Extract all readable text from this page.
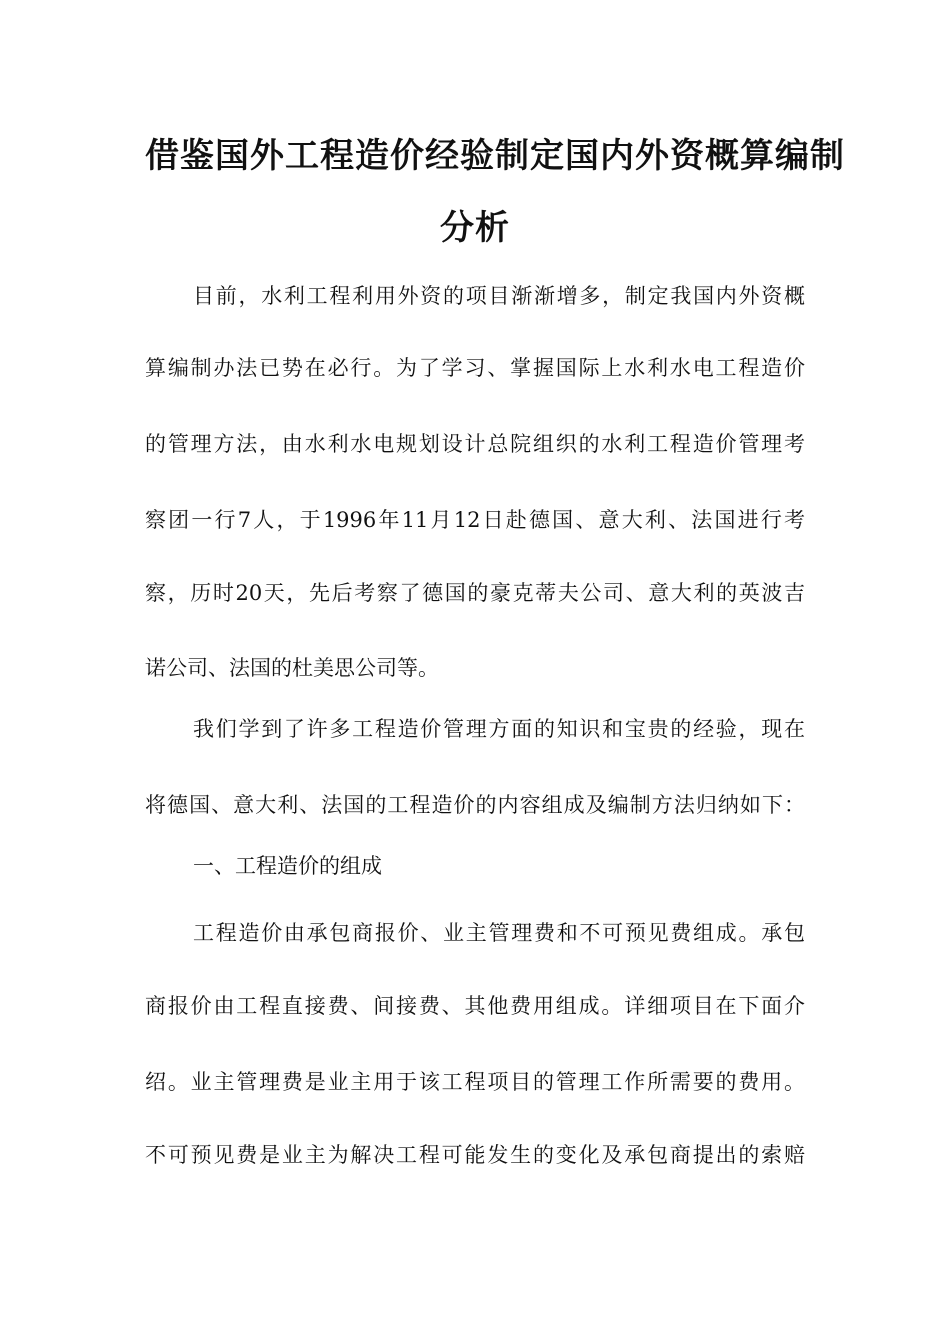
借鉴国外工程造价经验制定国内外资概算编制
分析
目前，水利工程利用外资的项目渐渐增多，制定我国内外资概
算编制办法已势在必行。为了学习、掌握国际上水利水电工程造价
的管理方法，由水利水电规划设计总院组织的水利工程造价管理考
察团一行7人，于1996年11月12日赴德国、意大利、法国进行考
察，历时20天，先后考察了德国的豪克蒂夫公司、意大利的英波吉
诺公司、法国的杜美思公司等。
我们学到了许多工程造价管理方面的知识和宝贵的经验，现在
将德国、意大利、法国的工程造价的内容组成及编制方法归纳如下：
一、工程造价的组成
工程造价由承包商报价、业主管理费和不可预见费组成。承包
商报价由工程直接费、间接费、其他费用组成。详细项目在下面介
绍。业主管理费是业主用于该工程项目的管理工作所需要的费用。
不可预见费是业主为解决工程可能发生的变化及承包商提出的索赔
